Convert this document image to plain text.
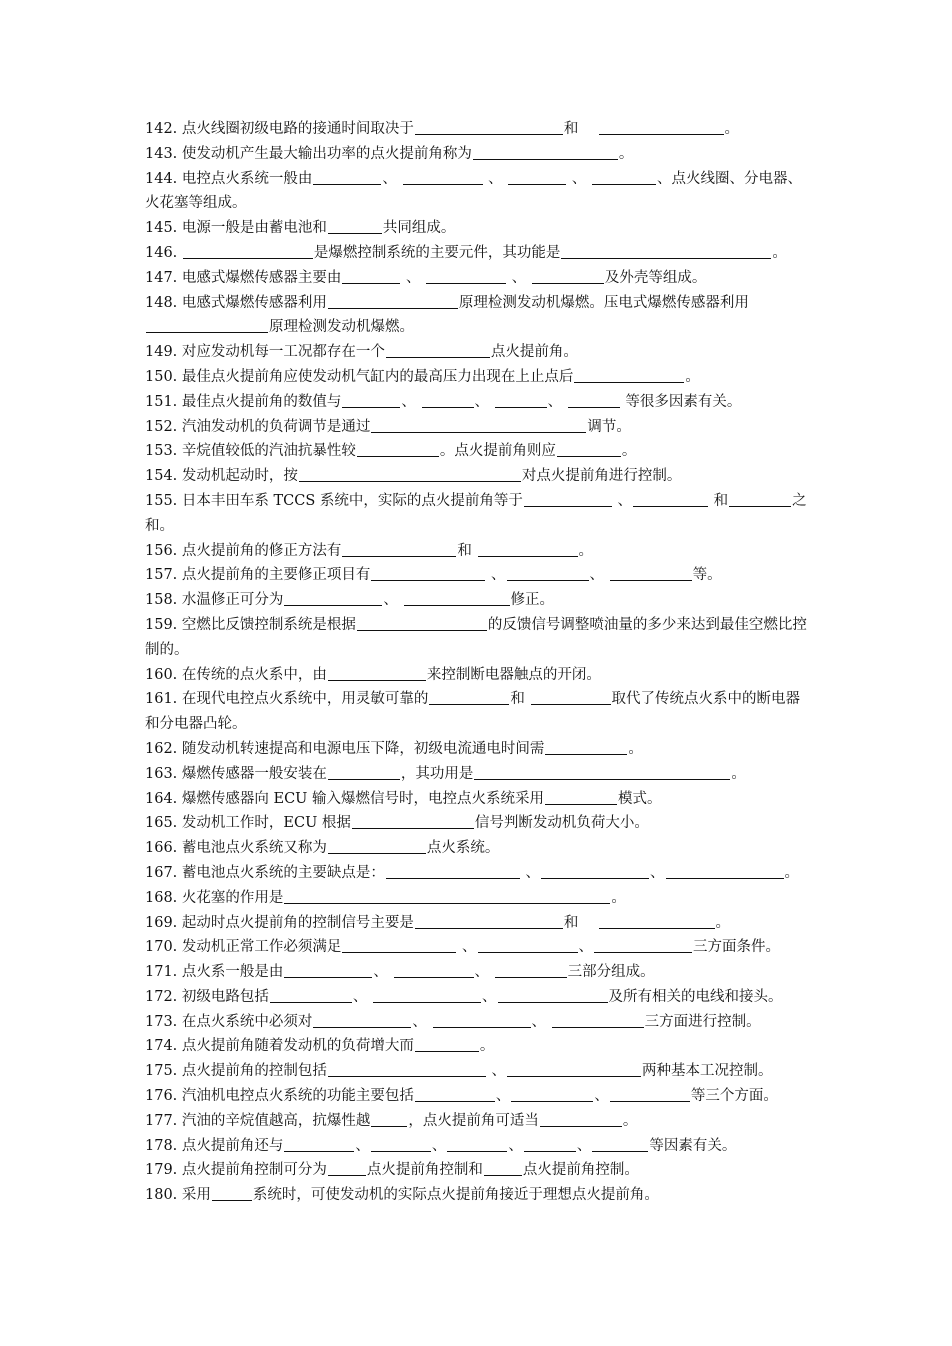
142. 点火线圈初级电路的接通时间取决于	和　	。

143. 使发动机产生最大输出功率的点火提前角称为	。

144. 电控点火系统一般由	、	、	、	、点火线圈、分电器、火花塞等组成。

145. 电源一般是由蓄电池和	共同组成。

146.	是爆燃控制系统的主要元件，其功能是	。

147. 电感式爆燃传感器主要由	、	、	及外壳等组成。

148. 电感式爆燃传感器利用	原理检测发动机爆燃。压电式爆燃传感器利用原理检测发动机爆燃。

149. 对应发动机每一工况都存在一个	点火提前角。

150. 最佳点火提前角应使发动机气缸内的最高压力出现在上止点后	。

151. 最佳点火提前角的数值与	、	、	、	等很多因素有关。

152. 汽油发动机的负荷调节是通过	调节。

153. 辛烷值较低的汽油抗暴性较	。点火提前角则应	。

154. 发动机起动时，按	对点火提前角进行控制。

155. 日本丰田车系 TCCS 系统中，实际的点火提前角等于	、	和	之和。

156. 点火提前角的修正方法有	和	。

157. 点火提前角的主要修正项目有	、	、	等。

158. 水温修正可分为	、	修正。

159. 空燃比反馈控制系统是根据	的反馈信号调整喷油量的多少来达到最佳空燃比控制的。

160. 在传统的点火系中，由	来控制断电器触点的开闭。

161. 在现代电控点火系统中，用灵敏可靠的	和	取代了传统点火系中的断电器和分电器凸轮。

162. 随发动机转速提高和电源电压下降，初级电流通电时间需	。

163. 爆燃传感器一般安装在	，其功用是	。

164. 爆燃传感器向 ECU 输入爆燃信号时，电控点火系统采用	模式。

165. 发动机工作时，ECU 根据	信号判断发动机负荷大小。

166. 蓄电池点火系统又称为	点火系统。

167. 蓄电池点火系统的主要缺点是：	、	、	。

168. 火花塞的作用是	。

169. 起动时点火提前角的控制信号主要是	和　	。

170. 发动机正常工作必须满足	、	、	三方面条件。

171. 点火系一般是由	、	、	三部分组成。

172. 初级电路包括	、	、	及所有相关的电线和接头。

173. 在点火系统中必须对	、	、	三方面进行控制。

174. 点火提前角随着发动机的负荷增大而	。

175. 点火提前角的控制包括	、	两种基本工况控制。

176. 汽油机电控点火系统的功能主要包括	、	、	等三个方面。

177. 汽油的辛烷值越高，抗爆性越	，点火提前角可适当	。

178. 点火提前角还与	、	、	、	、	等因素有关。

179. 点火提前角控制可分为	点火提前角控制和	点火提前角控制。

180. 采用	系统时，可使发动机的实际点火提前角接近于理想点火提前角。
